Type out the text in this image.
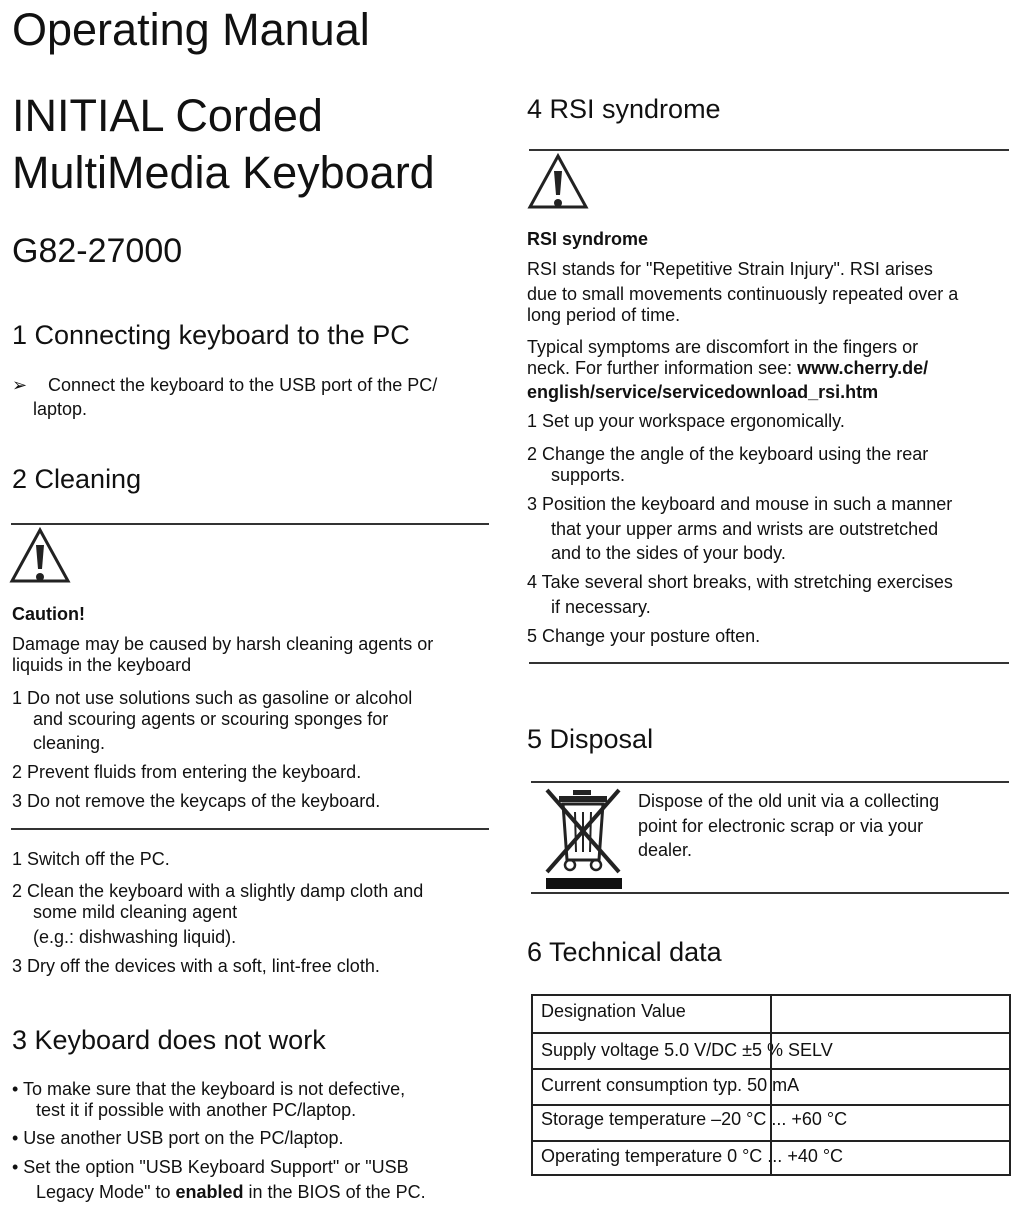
Operating Manual
INITIAL Corded
MultiMedia Keyboard
G82-27000
1 Connecting keyboard to the PC
➢ Connect the keyboard to the USB port of the PC/
laptop.
2 Cleaning
Caution!
Damage may be caused by harsh cleaning agents or
liquids in the keyboard
1 Do not use solutions such as gasoline or alcohol
and scouring agents or scouring sponges for
cleaning.
2 Prevent fluids from entering the keyboard.
3 Do not remove the keycaps of the keyboard.
1 Switch off the PC.
2 Clean the keyboard with a slightly damp cloth and
some mild cleaning agent
(e.g.: dishwashing liquid).
3 Dry off the devices with a soft, lint-free cloth.
3 Keyboard does not work
• To make sure that the keyboard is not defective,
test it if possible with another PC/laptop.
• Use another USB port on the PC/laptop.
• Set the option "USB Keyboard Support" or "USB
Legacy Mode" to enabled in the BIOS of the PC.
4 RSI syndrome
RSI syndrome
RSI stands for "Repetitive Strain Injury". RSI arises
due to small movements continuously repeated over a
long period of time.
Typical symptoms are discomfort in the fingers or
neck. For further information see: www.cherry.de/
english/service/servicedownload_rsi.htm
1 Set up your workspace ergonomically.
2 Change the angle of the keyboard using the rear
supports.
3 Position the keyboard and mouse in such a manner
that your upper arms and wrists are outstretched
and to the sides of your body.
4 Take several short breaks, with stretching exercises
if necessary.
5 Change your posture often.
5 Disposal
Dispose of the old unit via a collecting
point for electronic scrap or via your
dealer.
6 Technical data
Designation Value
Supply voltage 5.0 V/DC ±5 % SELV
Current consumption typ. 50 mA
Storage temperature –20 °C ... +60 °C
Operating temperature 0 °C ... +40 °C
